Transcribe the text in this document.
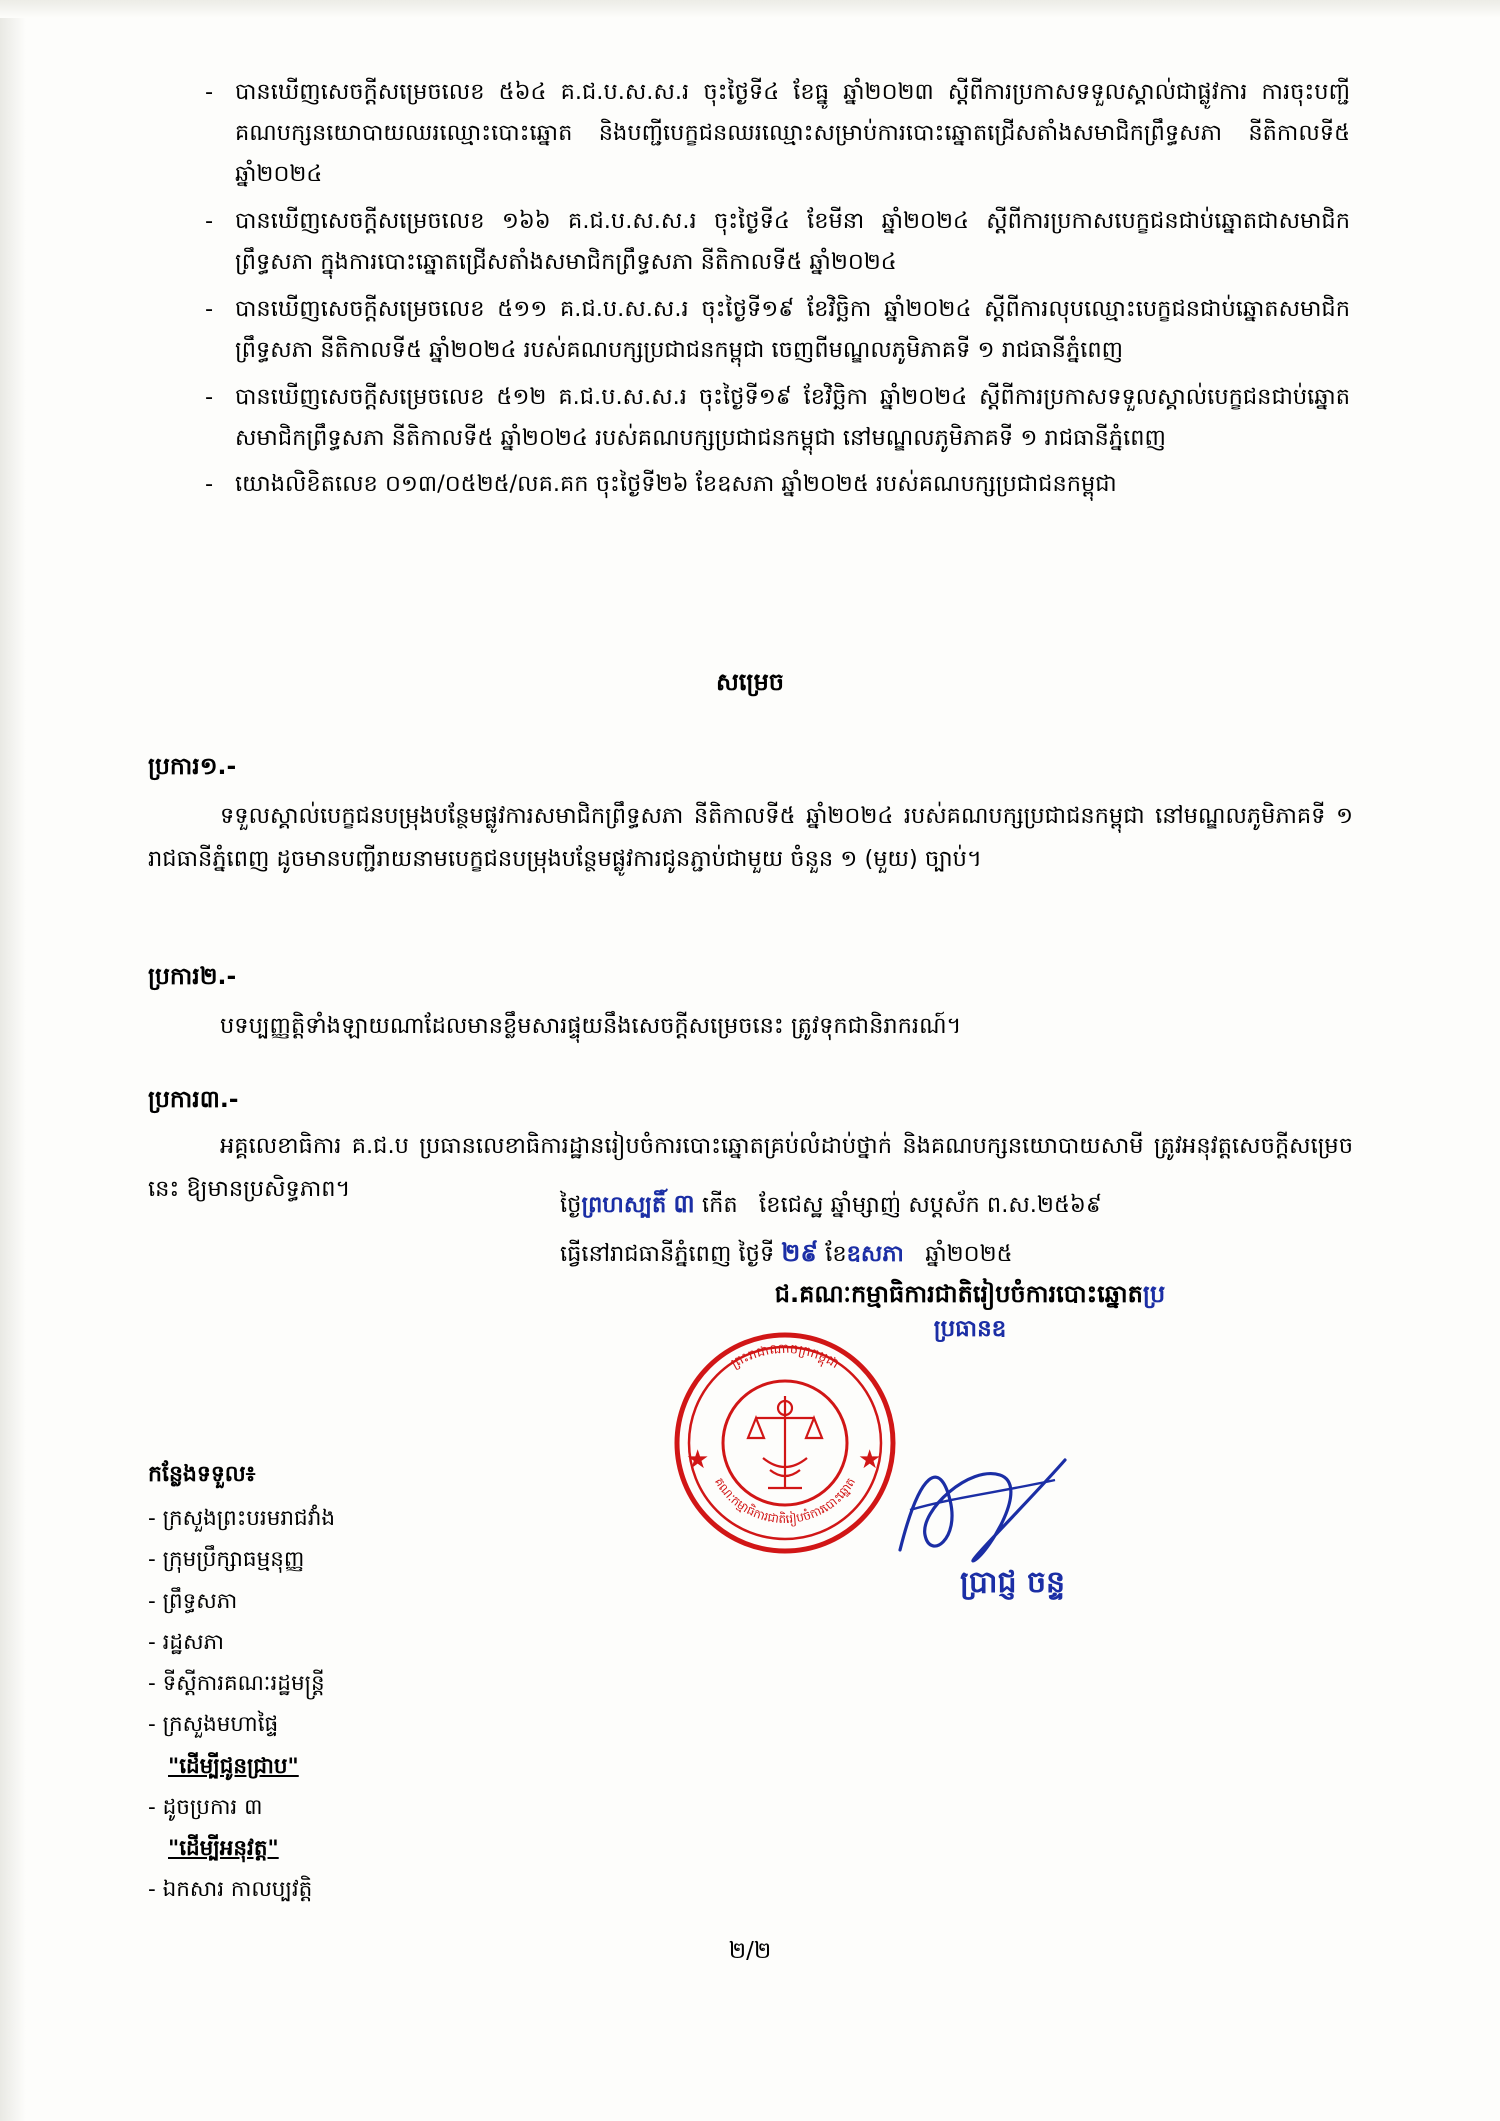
- បានឃើញសេចក្ដីសម្រេចលេខ ៥៦៤ គ.ជ.ប.ស.ស.រ ចុះថ្ងៃទី៤ ខែធ្នូ ឆ្នាំ២០២៣ ស្ដីពីការប្រកាសទទួលស្គាល់ជាផ្លូវការ ការចុះបញ្ជីគណបក្សនយោបាយឈរឈ្មោះបោះឆ្នោត និងបញ្ជីបេក្ខជនឈរឈ្មោះសម្រាប់ការបោះឆ្នោតជ្រើសតាំងសមាជិកព្រឹទ្ធសភា នីតិកាលទី៥ ឆ្នាំ២០២៤
- បានឃើញសេចក្ដីសម្រេចលេខ ១៦៦ គ.ជ.ប.ស.ស.រ ចុះថ្ងៃទី៤ ខែមីនា ឆ្នាំ២០២៤ ស្ដីពីការប្រកាសបេក្ខជនជាប់ឆ្នោតជាសមាជិកព្រឹទ្ធសភា ក្នុងការបោះឆ្នោតជ្រើសតាំងសមាជិកព្រឹទ្ធសភា នីតិកាលទី៥ ឆ្នាំ២០២៤
- បានឃើញសេចក្ដីសម្រេចលេខ ៥១១ គ.ជ.ប.ស.ស.រ ចុះថ្ងៃទី១៩ ខែវិច្ឆិកា ឆ្នាំ២០២៤ ស្ដីពីការលុបឈ្មោះបេក្ខជនជាប់ឆ្នោតសមាជិកព្រឹទ្ធសភា នីតិកាលទី៥ ឆ្នាំ២០២៤ របស់គណបក្សប្រជាជនកម្ពុជា ចេញពីមណ្ឌលភូមិភាគទី ១ រាជធានីភ្នំពេញ
- បានឃើញសេចក្ដីសម្រេចលេខ ៥១២ គ.ជ.ប.ស.ស.រ ចុះថ្ងៃទី១៩ ខែវិច្ឆិកា ឆ្នាំ២០២៤ ស្ដីពីការប្រកាសទទួលស្គាល់បេក្ខជនជាប់ឆ្នោតសមាជិកព្រឹទ្ធសភា នីតិកាលទី៥ ឆ្នាំ២០២៤ របស់គណបក្សប្រជាជនកម្ពុជា នៅមណ្ឌលភូមិភាគទី ១ រាជធានីភ្នំពេញ
- យោងលិខិតលេខ ០១៣/០៥២៥/លគ.គក ចុះថ្ងៃទី២៦ ខែឧសភា ឆ្នាំ២០២៥ របស់គណបក្សប្រជាជនកម្ពុជា
សម្រេច
ប្រការ១.-
ទទួលស្គាល់បេក្ខជនបម្រុងបន្ថែមផ្លូវការសមាជិកព្រឹទ្ធសភា នីតិកាលទី៥ ឆ្នាំ២០២៤ របស់គណបក្សប្រជាជនកម្ពុជា នៅមណ្ឌលភូមិភាគទី ១ រាជធានីភ្នំពេញ ដូចមានបញ្ជីរាយនាមបេក្ខជនបម្រុងបន្ថែមផ្លូវការជូនភ្ជាប់ជាមួយ ចំនួន ១ (មួយ) ច្បាប់។
ប្រការ២.-
បទប្បញ្ញត្តិទាំងឡាយណាដែលមានខ្លឹមសារផ្ទុយនឹងសេចក្ដីសម្រេចនេះ ត្រូវទុកជានិរាករណ៍។
ប្រការ៣.-
អគ្គលេខាធិការ គ.ជ.ប ប្រធានលេខាធិការដ្ឋានរៀបចំការបោះឆ្នោតគ្រប់លំដាប់ថ្នាក់ និងគណបក្សនយោបាយសាមី ត្រូវអនុវត្តសេចក្ដីសម្រេចនេះ ឱ្យមានប្រសិទ្ធភាព។
ថ្ងៃព្រហស្បតិ៍ ៣ កើត ខែជេស្ឋ ឆ្នាំម្សាញ់ សប្តស័ក ព.ស.២៥៦៩
ធ្វើនៅរាជធានីភ្នំពេញ ថ្ងៃទី ២៩ ខែឧសភា ឆ្នាំ២០២៥
ជ.គណៈកម្មាធិការជាតិរៀបចំការបោះឆ្នោតប្រ
ប្រធានឧ
★	★
ព្រះរាជាណាចក្រកម្ពុជា
គណៈកម្មាធិការជាតិរៀបចំការបោះឆ្នោត
ប្រាជ្ញ ចន្ទ
កន្លែងទទួល៖
- ក្រសួងព្រះបរមរាជវាំង
- ក្រុមប្រឹក្សាធម្មនុញ្ញ
- ព្រឹទ្ធសភា
- រដ្ឋសភា
- ទីស្ដីការគណៈរដ្ឋមន្ត្រី
- ក្រសួងមហាផ្ទៃ
"ដើម្បីជូនជ្រាប"
- ដូចប្រការ ៣
"ដើម្បីអនុវត្ត"
- ឯកសារ កាលប្បវត្តិ
២/២
